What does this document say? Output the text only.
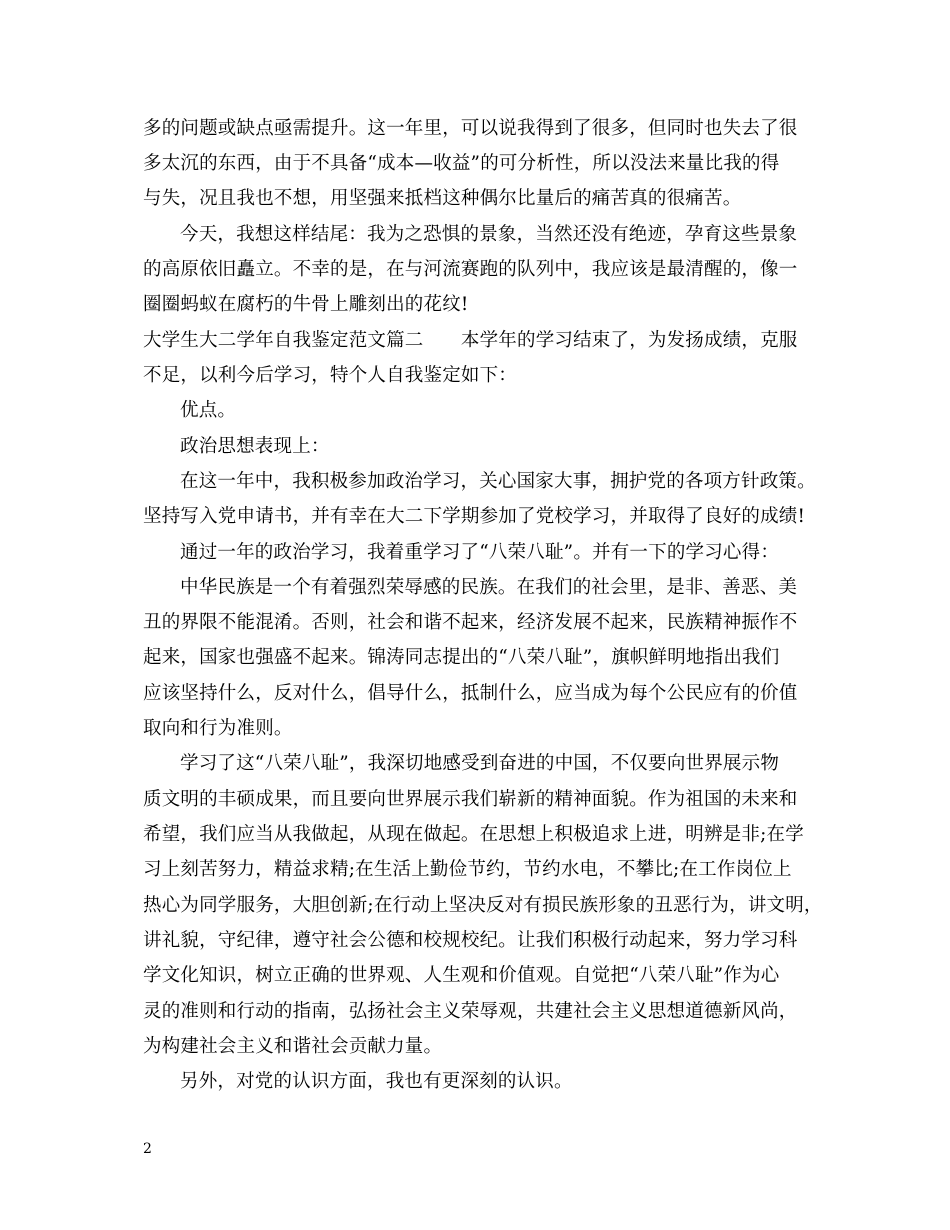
多的问题或缺点亟需提升。这一年里，可以说我得到了很多，但同时也失去了很
多太沉的东西，由于不具备“成本—收益”的可分析性，所以没法来量比我的得
与失，况且我也不想，用坚强来抵档这种偶尔比量后的痛苦真的很痛苦。
今天，我想这样结尾：我为之恐惧的景象，当然还没有绝迹，孕育这些景象
的高原依旧矗立。不幸的是，在与河流赛跑的队列中，我应该是最清醒的，像一
圈圈蚂蚁在腐朽的牛骨上雕刻出的花纹!
大学生大二学年自我鉴定范文篇二　　本学年的学习结束了，为发扬成绩，克服
不足，以利今后学习，特个人自我鉴定如下：
优点。
政治思想表现上：
在这一年中，我积极参加政治学习，关心国家大事，拥护党的各项方针政策。
坚持写入党申请书，并有幸在大二下学期参加了党校学习，并取得了良好的成绩!
通过一年的政治学习，我着重学习了“八荣八耻”。并有一下的学习心得：
中华民族是一个有着强烈荣辱感的民族。在我们的社会里，是非、善恶、美
丑的界限不能混淆。否则，社会和谐不起来，经济发展不起来，民族精神振作不
起来，国家也强盛不起来。锦涛同志提出的“八荣八耻”，旗帜鲜明地指出我们
应该坚持什么，反对什么，倡导什么，抵制什么，应当成为每个公民应有的价值
取向和行为准则。
学习了这“八荣八耻”，我深切地感受到奋进的中国，不仅要向世界展示物
质文明的丰硕成果，而且要向世界展示我们崭新的精神面貌。作为祖国的未来和
希望，我们应当从我做起，从现在做起。在思想上积极追求上进，明辨是非;在学
习上刻苦努力，精益求精;在生活上勤俭节约，节约水电，不攀比;在工作岗位上
热心为同学服务，大胆创新;在行动上坚决反对有损民族形象的丑恶行为，讲文明，
讲礼貌，守纪律，遵守社会公德和校规校纪。让我们积极行动起来，努力学习科
学文化知识，树立正确的世界观、人生观和价值观。自觉把“八荣八耻”作为心
灵的准则和行动的指南，弘扬社会主义荣辱观，共建社会主义思想道德新风尚，
为构建社会主义和谐社会贡献力量。
另外，对党的认识方面，我也有更深刻的认识。
2
